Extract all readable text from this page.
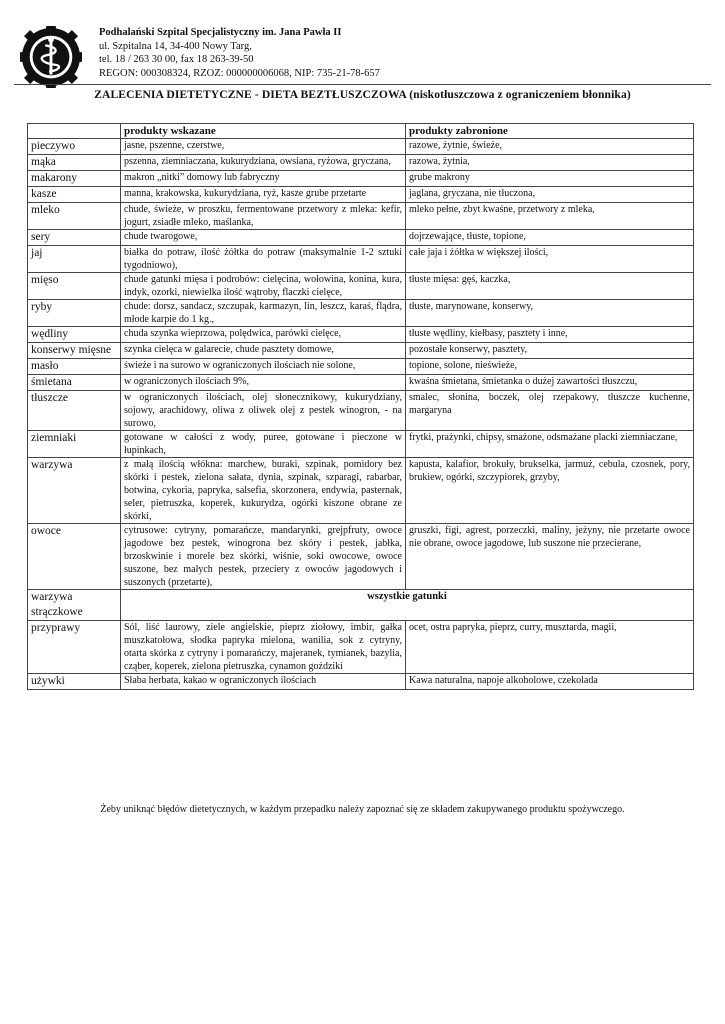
Podhalański Szpital Specjalistyczny im. Jana Pawła II
ul. Szpitalna 14, 34-400 Nowy Targ,
tel. 18 / 263 30 00, fax 18 263-39-50
REGON: 000308324, RZOZ: 000000006068, NIP: 735-21-78-657
ZALECENIA DIETETYCZNE - DIETA BEZTŁUSZCZOWA (niskotłuszczowa z ograniczeniem błonnika)
	produkty wskazane	produkty zabronione
pieczywo	jasne, pszenne, czerstwe,	razowe, żytnie, świeże,
mąka	pszenna, ziemniaczana, kukurydziana, owsiana, ryżowa, gryczana,	razowa, żytnia,
makarony	makron „nitki” domowy lub fabryczny	grube makrony
kasze	manna, krakowska, kukurydziana, ryż, kasze grube przetarte	jaglana, gryczana, nie tłuczona,
mleko	chude, świeże, w proszku, fermentowane przetwory z mleka: kefir, jogurt, zsiadłe mleko, maślanka,	mleko pełne, zbyt kwaśne, przetwory z mleka,
sery	chude twarogowe,	dojrzewające, tłuste, topione,
jaj	białka do potraw, ilość żółtka do potraw (maksymalnie 1-2 sztuki tygodniowo),	całe jaja i żółtka w większej ilości,
mięso	chude gatunki mięsa i podrobów: cielęcina, wołowina, konina, kura, indyk, ozorki, niewielka ilość wątroby, flaczki cielęce,	tłuste mięsa: gęś, kaczka,
ryby	chude: dorsz, sandacz, szczupak, karmazyn, lin, leszcz, karaś, flądra, młode karpie do 1 kg.,	tłuste, marynowane, konserwy,
wędliny	chuda szynka wieprzowa, polędwica, parówki cielęce,	tłuste wędliny, kiełbasy, pasztety i inne,
konserwy mięsne	szynka cielęca w galarecie, chude pasztety domowe,	pozostałe konserwy, pasztety,
masło	świeże i na surowo w ograniczonych ilościach nie solone,	topione, solone, nieświeże,
śmietana	w ograniczonych ilościach 9%,	kwaśna śmietana, śmietanka o dużej zawartości tłuszczu,
tłuszcze	w ograniczonych ilościach, olej słonecznikowy, kukurydziany, sojowy, arachidowy, oliwa z oliwek olej z pestek winogron, - na surowo,	smalec, słonina, boczek, olej rzepakowy, tłuszcze kuchenne, margaryna
ziemniaki	gotowane w całości z wody, puree, gotowane i pieczone w łupinkach,	frytki, prażynki, chipsy, smażone, odsmażane placki ziemniaczane,
warzywa	z małą ilością włókna: marchew, buraki, szpinak, pomidory bez skórki i pestek, zielona sałata, dynia, szpinak, szparagi, rabarbar, botwina, cykoria, papryka, salsefia, skorzonera, endywia, pasternak, seler, pietruszka, koperek, kukurydza, ogórki kiszone obrane ze skórki,	kapusta, kalafior, brokuły, brukselka, jarmuż, cebula, czosnek, pory, brukiew, ogórki, szczypiorek, grzyby,
owoce	cytrusowe: cytryny, pomarańcze, mandarynki, grejpfruty, owoce jagodowe bez pestek, winogrona bez skóry i pestek, jabłka, brzoskwinie i morele bez skórki, wiśnie, soki owocowe, owoce suszone, bez małych pestek, przeciery z owoców jagodowych i suszonych (przetarte),	gruszki, figi, agrest, porzeczki, maliny, jeżyny, nie przetarte owoce nie obrane, owoce jagodowe, lub suszone nie przecierane,
warzywa strączkowe	wszystkie gatunki	
przyprawy	Sól, liść laurowy, ziele angielskie, pieprz ziołowy, imbir, gałka muszkatołowa, słodka papryka mielona, wanilia, sok z cytryny, otarta skórka z cytryny i pomarańczy, majeranek, tymianek, bazylia, cząber, koperek, zielona pietruszka, cynamon goździki	ocet, ostra papryka, pieprz, curry, musztarda, magii,
używki	Słaba herbata, kakao w ograniczonych ilościach	Kawa naturalna, napoje alkoholowe, czekolada
Żeby uniknąć błędów dietetycznych, w każdym przepadku należy zapoznać się ze składem zakupywanego produktu spożywczego.
